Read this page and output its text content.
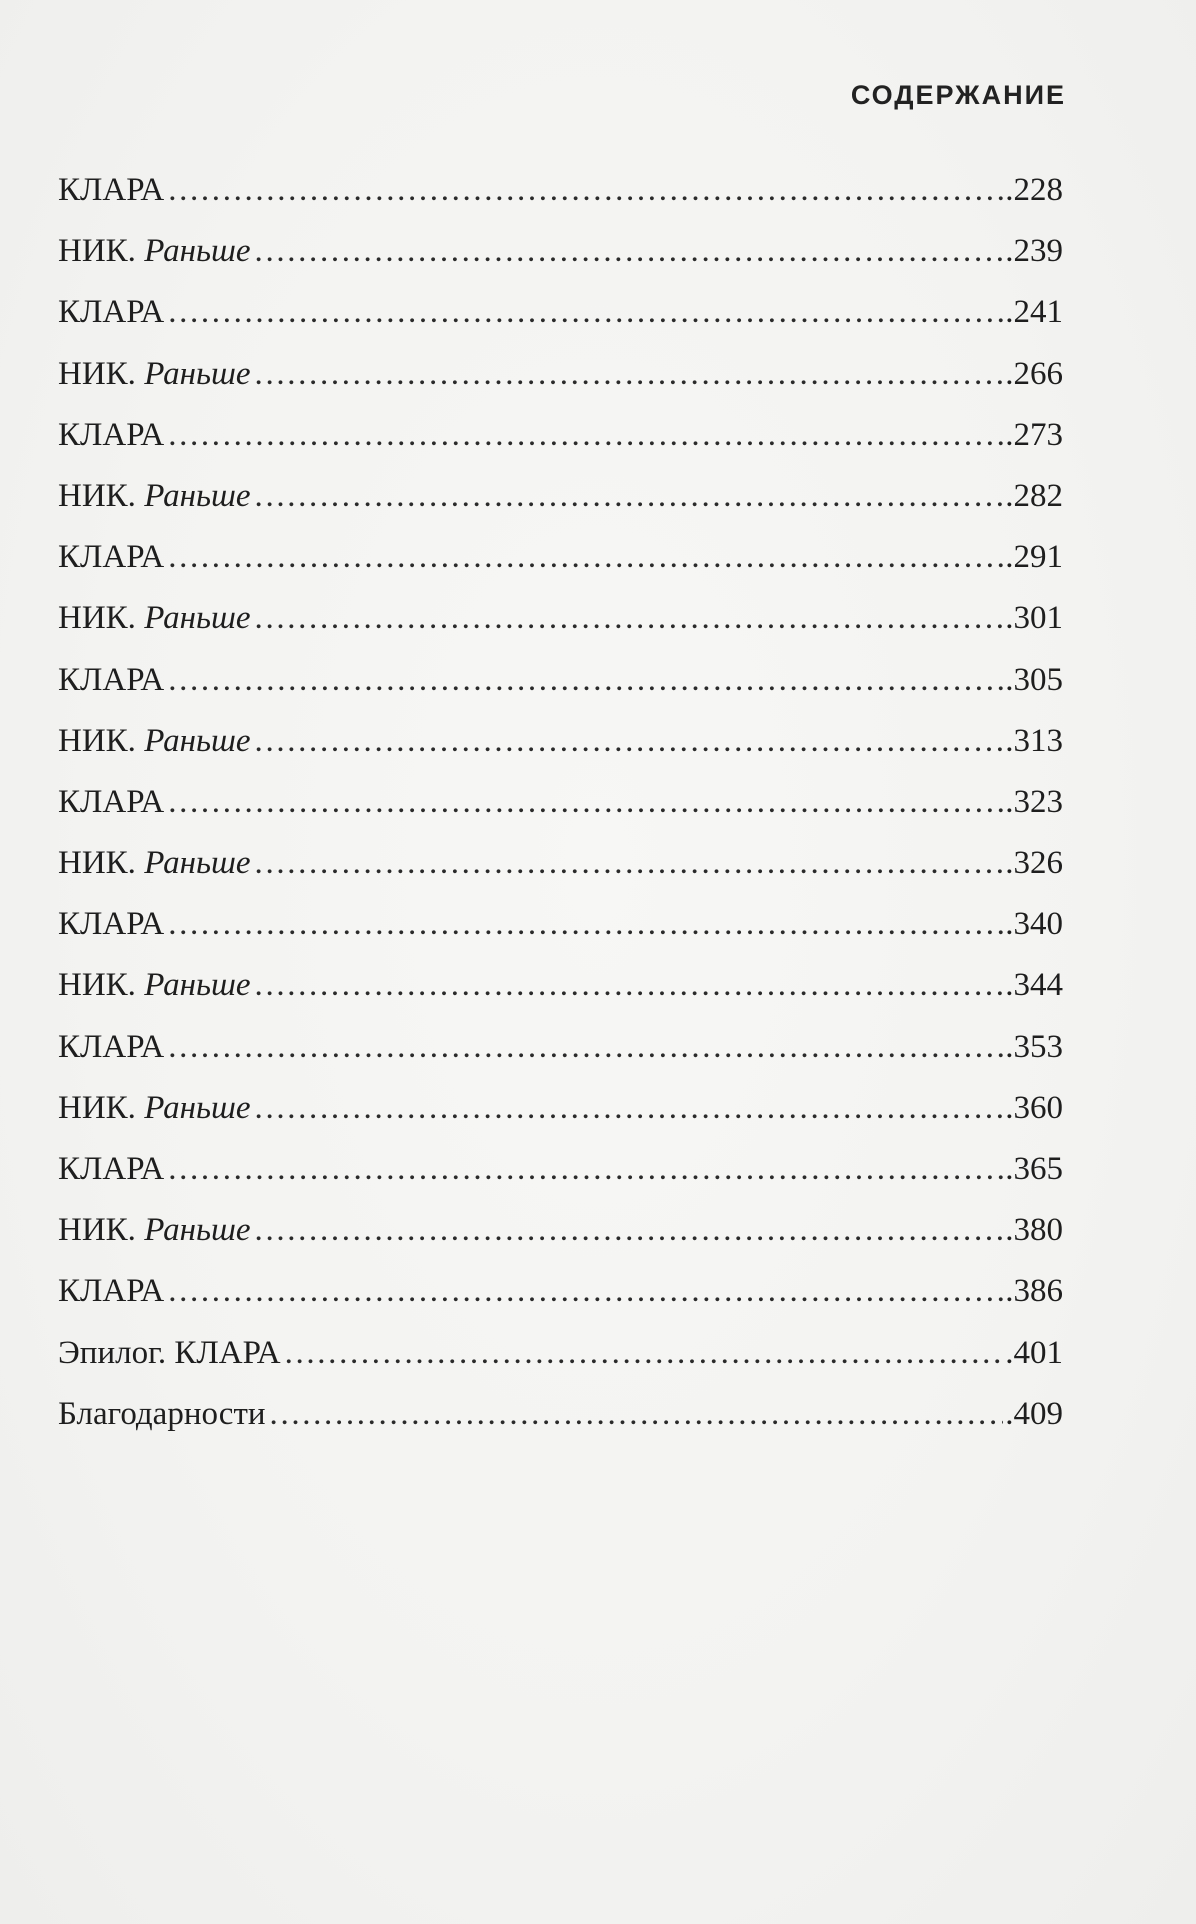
СОДЕРЖАНИЕ
КЛАРА . . .	. 228
НИК. Раньше . . .	. 239
КЛАРА . . .	. 241
НИК. Раньше . . .	. 266
КЛАРА . . .	. 273
НИК. Раньше . . .	. 282
КЛАРА . . .	. 291
НИК. Раньше . . .	. 301
КЛАРА . . .	. 305
НИК. Раньше . . .	. 313
КЛАРА . . .	. 323
НИК. Раньше . . .	. 326
КЛАРА . . .	. 340
НИК. Раньше . . .	. 344
КЛАРА . . .	. 353
НИК. Раньше . . .	. 360
КЛАРА . . .	. 365
НИК. Раньше . . .	. 380
КЛАРА . . .	. 386
Эпилог. КЛАРА . . .	. 401
Благодарности . . .	. 409
